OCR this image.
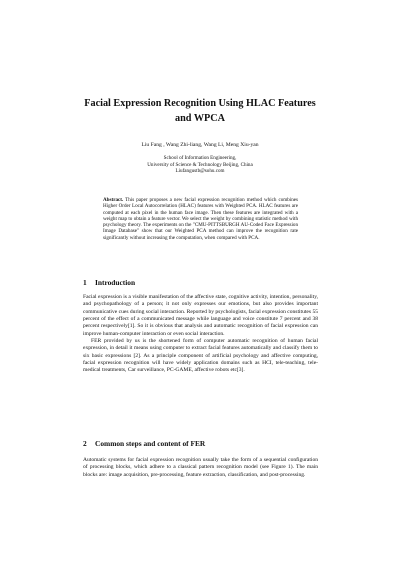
Facial Expression Recognition Using HLAC Features
and WPCA
Liu Fang , Wang Zhi-liang, Wang Li, Meng Xiu-yan
School of Information Engineering,
University of Science & Technology Beijing, China
Liufangustb@sohu.com
Abstract. This paper proposes a new facial expression recognition method which combines Higher Order Local Autocorrelation (HLAC) features with Weighted PCA. HLAC features are computed at each pixel in the human face image. Then these features are integrated with a weight map to obtain a feature vector. We select the weight by combining statistic method with psychology theory. The experiments on the "CMU-PITTSBURGH AU-Coded Face Expression Image Database" show that our Weighted PCA method can improve the recognition rate significantly without increasing the computation, when compared with PCA.
1 Introduction

Facial expression is a visible manifestation of the affective state, cognitive activity, intention, personality, and psychopathology of a person; it not only expresses our emotions, but also provides important communicative cues during social interaction. Reported by psychologists, facial expression constitutes 55 percent of the effect of a communicated message while language and voice constitute 7 percent and 38 percent respectively[1]. So it is obvious that analysis and automatic recognition of facial expression can improve human-computer interaction or even social interaction.

FER provided by us is the shortened form of computer automatic recognition of human facial expression, in detail it means using computer to extract facial features automatically and classify them to six basic expressions [2]. As a principle component of artificial psychology and affective computing, facial expression recognition will have widely application domains such as HCI, tele-teaching, tele-medical treatments, Car surveillance, PC-GAME, affective robots etc[3].

2 Common steps and content of FER

Automatic systems for facial expression recognition usually take the form of a sequential configuration of processing blocks, which adhere to a classical pattern recognition model (see Figure 1). The main blocks are: image acquisition, pre-processing, feature extraction, classification, and post-processing.
